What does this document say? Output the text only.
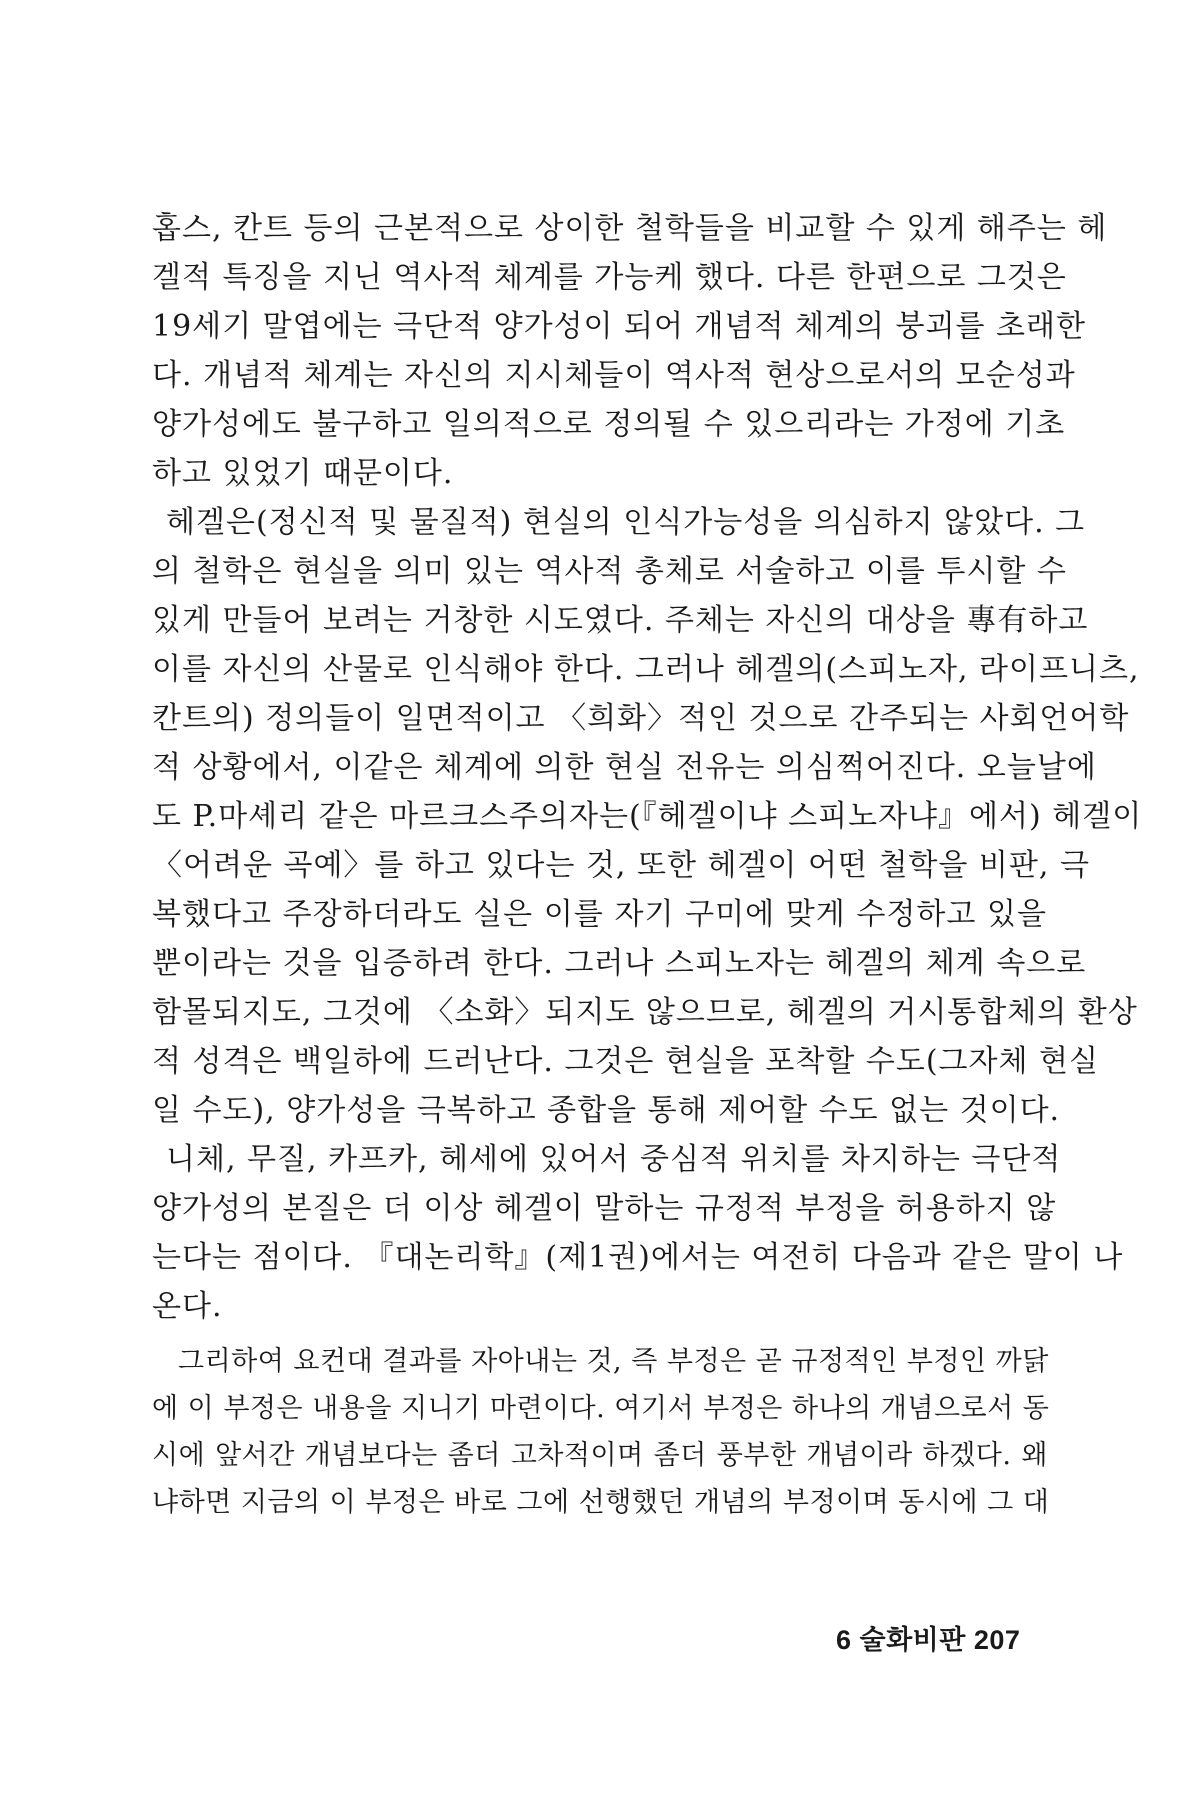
홉스, 칸트 등의 근본적으로 상이한 철학들을 비교할 수 있게 해주는 헤
겔적 특징을 지닌 역사적 체계를 가능케 했다. 다른 한편으로 그것은
19세기 말엽에는 극단적 양가성이 되어 개념적 체계의 붕괴를 초래한
다. 개념적 체계는 자신의 지시체들이 역사적 현상으로서의 모순성과
양가성에도 불구하고 일의적으로 정의될 수 있으리라는 가정에 기초
하고 있었기 때문이다.
헤겔은(정신적 및 물질적) 현실의 인식가능성을 의심하지 않았다. 그
의 철학은 현실을 의미 있는 역사적 총체로 서술하고 이를 투시할 수
있게 만들어 보려는 거창한 시도였다. 주체는 자신의 대상을 專有하고
이를 자신의 산물로 인식해야 한다. 그러나 헤겔의(스피노자, 라이프니츠,
칸트의) 정의들이 일면적이고 〈희화〉적인 것으로 간주되는 사회언어학
적 상황에서, 이같은 체계에 의한 현실 전유는 의심쩍어진다. 오늘날에
도 P.마셰리 같은 마르크스주의자는(『헤겔이냐 스피노자냐』에서) 헤겔이
〈어려운 곡예〉를 하고 있다는 것, 또한 헤겔이 어떤 철학을 비판, 극
복했다고 주장하더라도 실은 이를 자기 구미에 맞게 수정하고 있을
뿐이라는 것을 입증하려 한다. 그러나 스피노자는 헤겔의 체계 속으로
함몰되지도, 그것에 〈소화〉되지도 않으므로, 헤겔의 거시통합체의 환상
적 성격은 백일하에 드러난다. 그것은 현실을 포착할 수도(그자체 현실
일 수도), 양가성을 극복하고 종합을 통해 제어할 수도 없는 것이다.
니체, 무질, 카프카, 헤세에 있어서 중심적 위치를 차지하는 극단적
양가성의 본질은 더 이상 헤겔이 말하는 규정적 부정을 허용하지 않
는다는 점이다. 『대논리학』(제1권)에서는 여전히 다음과 같은 말이 나
온다.
그리하여 요컨대 결과를 자아내는 것, 즉 부정은 곧 규정적인 부정인 까닭
에 이 부정은 내용을 지니기 마련이다. 여기서 부정은 하나의 개념으로서 동
시에 앞서간 개념보다는 좀더 고차적이며 좀더 풍부한 개념이라 하겠다. 왜
냐하면 지금의 이 부정은 바로 그에 선행했던 개념의 부정이며 동시에 그 대
6 술화비판 207
